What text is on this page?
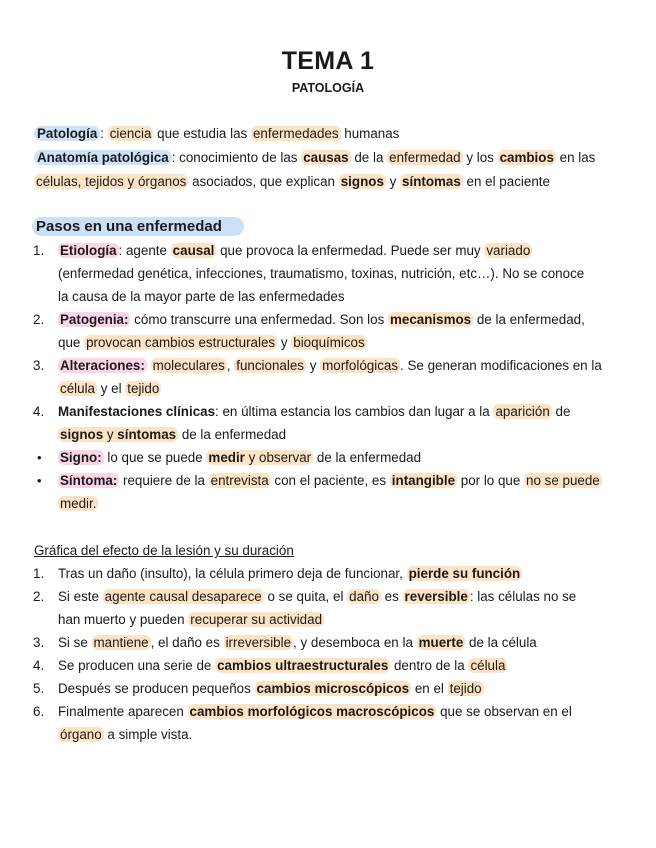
TEMA 1
PATOLOGÍA
Patología : ciencia que estudia las enfermedades humanas
Anatomía patológica : conocimiento de las causas de la enfermedad y los cambios en las
células, tejidos y órganos asociados, que explican signos y síntomas en el paciente
Pasos en una enfermedad
1. Etiología : agente causal que provoca la enfermedad. Puede ser muy variado
(enfermedad genética, infecciones, traumatismo, toxinas, nutrición, etc…). No se conoce
la causa de la mayor parte de las enfermedades
2. Patogenia: cómo transcurre una enfermedad. Son los mecanismos de la enfermedad,
que provocan cambios estructurales y bioquímicos
3. Alteraciones: moleculares , funcionales y morfológicas . Se generan modificaciones en la
célula y el tejido
4. Manifestaciones clínicas: en última estancia los cambios dan lugar a la aparición de
signos y síntomas de la enfermedad
• Signo: lo que se puede medir y observar de la enfermedad
• Síntoma: requiere de la entrevista con el paciente, es intangible por lo que no se puede
medir.
Gráfica del efecto de la lesión y su duración
1. Tras un daño (insulto), la célula primero deja de funcionar, pierde su función
2. Si este agente causal desaparece o se quita, el daño es reversible : las células no se
han muerto y pueden recuperar su actividad
3. Si se mantiene , el daño es irreversible , y desemboca en la muerte de la célula
4. Se producen una serie de cambios ultraestructurales dentro de la célula
5. Después se producen pequeños cambios microscópicos en el tejido
6. Finalmente aparecen cambios morfológicos macroscópicos que se observan en el
órgano a simple vista.
